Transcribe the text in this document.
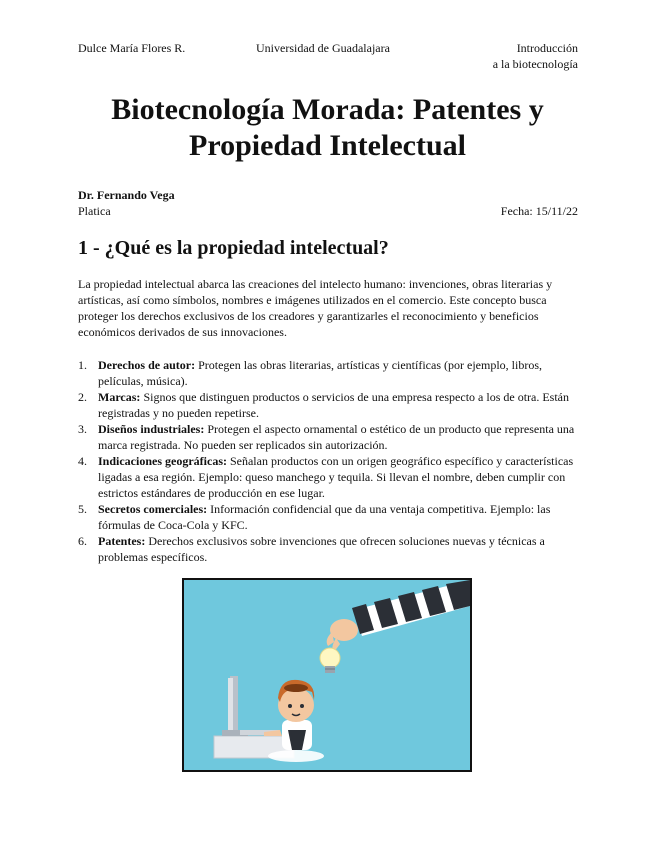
Dulce María Flores R.	Universidad de Guadalajara	Introducción
a la biotecnología
Biotecnología Morada: Patentes y Propiedad Intelectual
Dr. Fernando Vega
Platica	Fecha: 15/11/22
1 - ¿Qué es la propiedad intelectual?

La propiedad intelectual abarca las creaciones del intelecto humano: invenciones, obras literarias y artísticas, así como símbolos, nombres e imágenes utilizados en el comercio. Este concepto busca proteger los derechos exclusivos de los creadores y garantizarles el reconocimiento y beneficios económicos derivados de sus innovaciones.

1. Derechos de autor: Protegen las obras literarias, artísticas y científicas (por ejemplo, libros, películas, música).
2. Marcas: Signos que distinguen productos o servicios de una empresa respecto a los de otra. Están registradas y no pueden repetirse.
3. Diseños industriales: Protegen el aspecto ornamental o estético de un producto que representa una marca registrada. No pueden ser replicados sin autorización.
4. Indicaciones geográficas: Señalan productos con un origen geográfico específico y características ligadas a esa región. Ejemplo: queso manchego y tequila. Si llevan el nombre, deben cumplir con estrictos estándares de producción en ese lugar.
5. Secretos comerciales: Información confidencial que da una ventaja competitiva. Ejemplo: las fórmulas de Coca-Cola y KFC.
6. Patentes: Derechos exclusivos sobre invenciones que ofrecen soluciones nuevas y técnicas a problemas específicos.
